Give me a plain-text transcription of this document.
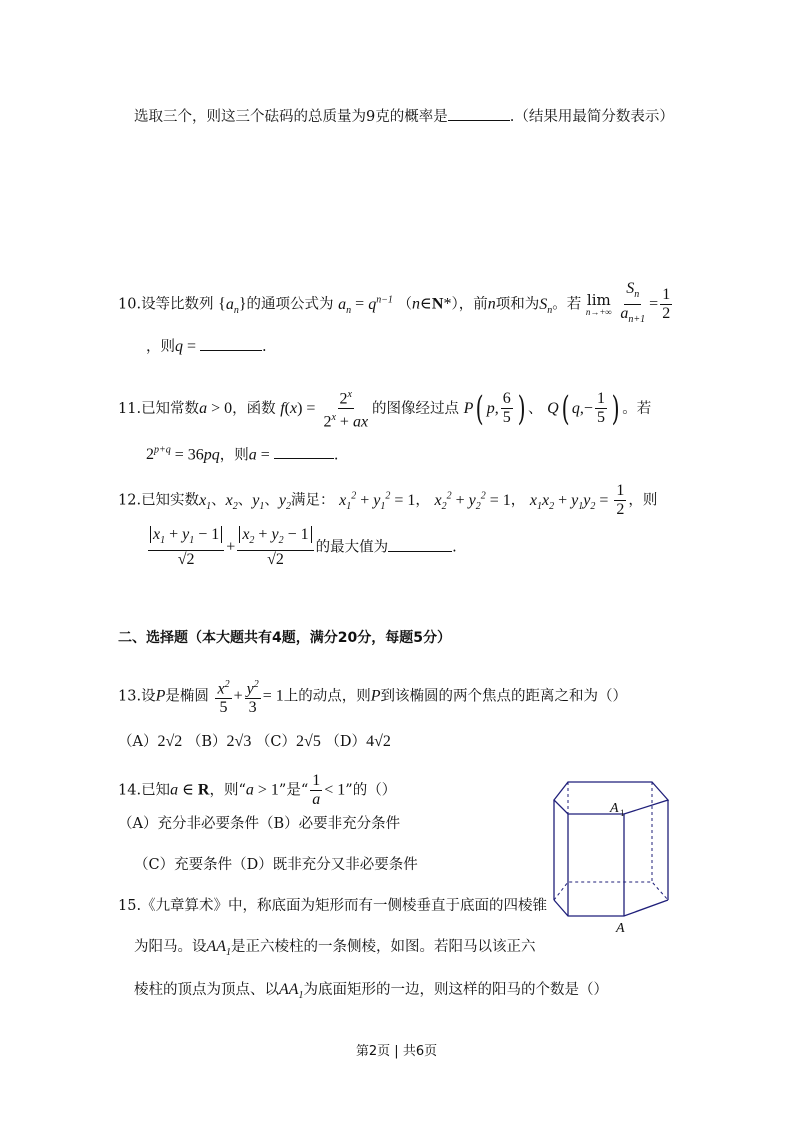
选取三个，则这三个砝码的总质量为9克的概率是	.（结果用最简分数表示）
10.设等比数列 $\{a_n\}$的通项公式为 $a_n = q^{n-1}$ （n∈N*），前n项和为$S_n$。若 lim
n→+∞
$\frac{S_n}{a_{n+1}} = \frac{1}{2}$
，则q =	.
11.已知常数a > 0，函数 $f(x) = \frac{2^x}{2^x + ax}$ 的图像经过点 P( p, $\frac{6}{5}$ ) 、 Q( $q,- \frac{1}{5}$ ) 。若
$2^{p+q} = 36pq$，则a =	.
12.已知实数$x_1$、$x_2$、$y_1$、$y_2$满足： $x_1^2 + y_1^2 = 1$， $x_2^2 + y_2^2 = 1$， $x_1x_2 + y_1y_2 = \frac{1}{2}$ ，则
$\frac{x_1 + y_1 - 1}{√2} + \frac{x_2 + y_2 - 1}{√2}$ 的最大值为	.
二、选择题（本大题共有4题，满分20分，每题5分）
13.设P是椭圆 $\frac{x^2}{5} + \frac{y^2}{3} = 1$上的动点，则P到该椭圆的两个焦点的距离之和为（）
（A）2√2 （B）2√3 （C）2√5 （D）4√2
14.已知a ∈ R，则“a > 1”是“ $\frac{1}{a} < 1$”的（）
（A）充分非必要条件（B）必要非充分条件
（C）充要条件（D）既非充分又非必要条件
15.《九章算术》中，称底面为矩形而有一侧棱垂直于底面的四棱锥
为阳马。设$AA_1$是正六棱柱的一条侧棱，如图。若阳马以该正六
棱柱的顶点为顶点、以$AA_1$为底面矩形的一边，则这样的阳马的个数是（）
A 1
A
第2页 | 共6页
